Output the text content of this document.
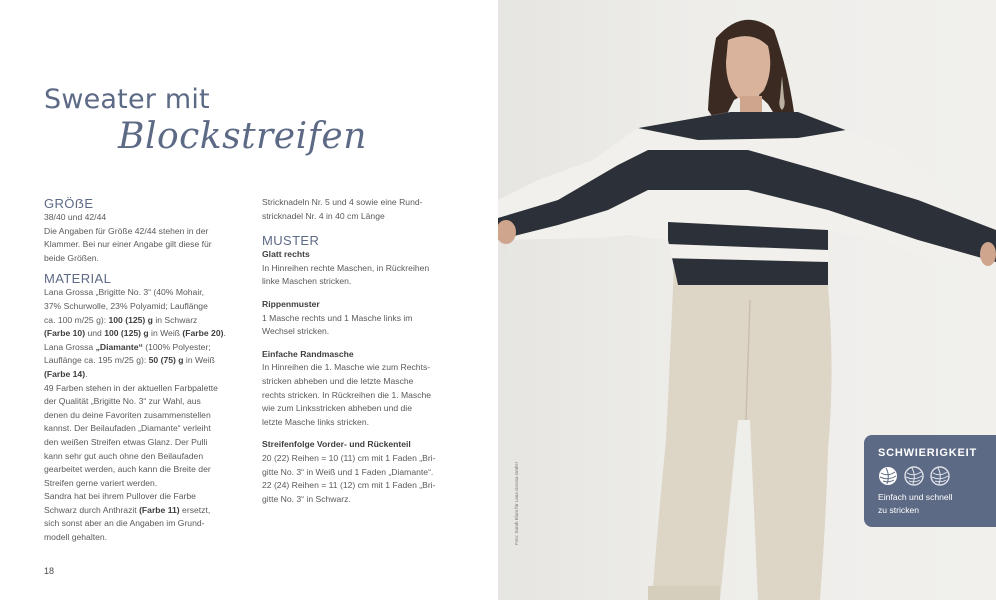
Sweater mit
Blockstreifen

GRÖẞE

38/40 und 42/44

Die Angaben für Größe 42/44 stehen in der

Klammer. Bei nur einer Angabe gilt diese für

beide Größen.

MATERIAL

Lana Grossa „Brigitte No. 3“ (40% Mohair,

37% Schurwolle, 23% Polyamid; Lauflänge

ca. 100 m/25 g): 100 (125) g in Schwarz

(Farbe 10) und 100 (125) g in Weiß (Farbe 20).

Lana Grossa „Diamante“ (100% Polyester;

Lauflänge ca. 195 m/25 g): 50 (75) g in Weiß

(Farbe 14).

49 Farben stehen in der aktuellen Farbpalette

der Qualität „Brigitte No. 3“ zur Wahl, aus

denen du deine Favoriten zusammenstellen

kannst. Der Beilaufaden „Diamante“ verleiht

den weißen Streifen etwas Glanz. Der Pulli

kann sehr gut auch ohne den Beilaufaden

gearbeitet werden, auch kann die Breite der

Streifen gerne variert werden.

Sandra hat bei ihrem Pullover die Farbe

Schwarz durch Anthrazit (Farbe 11) ersetzt,

sich sonst aber an die Angaben im Grund-

modell gehalten.

Stricknadeln Nr. 5 und 4 sowie eine Rund-

stricknadel Nr. 4 in 40 cm Länge

MUSTER

Glatt rechts

In Hinreihen rechte Maschen, in Rückreihen

linke Maschen stricken.

Rippenmuster

1 Masche rechts und 1 Masche links im

Wechsel stricken.

Einfache Randmasche

In Hinreihen die 1. Masche wie zum Rechts-

stricken abheben und die letzte Masche

rechts stricken. In Rückreihen die 1. Masche

wie zum Linksstricken abheben und die

letzte Masche links stricken.

Streifenfolge Vorder- und Rückenteil

20 (22) Reihen = 10 (11) cm mit 1 Faden „Bri-

gitte No. 3“ in Weiß und 1 Faden „Diamante“.

22 (24) Reihen = 11 (12) cm mit 1 Faden „Bri-

gitte No. 3“ in Schwarz.

18
Foto: Sarah Blum für Lana Grossa GmbH
SCHWIERIGKEIT
Einfach und schnell
zu stricken
